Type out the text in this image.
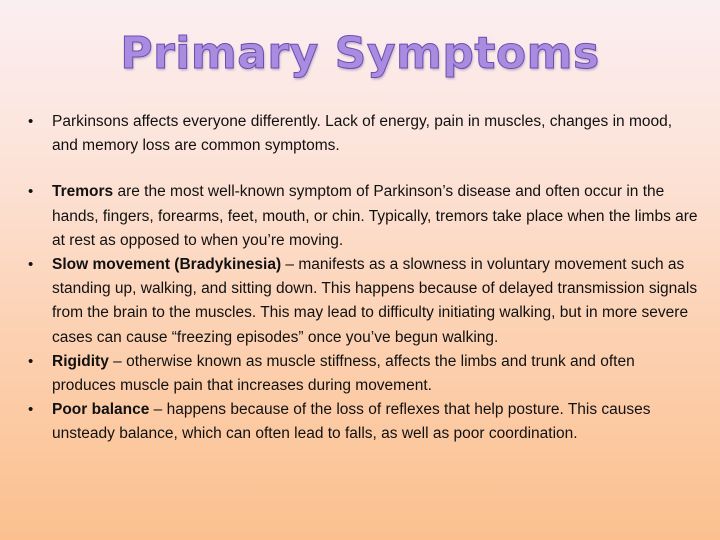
Primary Symptoms
• Parkinsons affects everyone differently. Lack of energy, pain in muscles, changes in mood, and memory loss are common symptoms.
• Tremors are the most well-known symptom of Parkinson’s disease and often occur in the hands, fingers, forearms, feet, mouth, or chin. Typically, tremors take place when the limbs are at rest as opposed to when you’re moving.
• Slow movement (Bradykinesia) – manifests as a slowness in voluntary movement such as standing up, walking, and sitting down. This happens because of delayed transmission signals from the brain to the muscles. This may lead to difficulty initiating walking, but in more severe cases can cause “freezing episodes” once you’ve begun walking.
• Rigidity – otherwise known as muscle stiffness, affects the limbs and trunk and often produces muscle pain that increases during movement.
• Poor balance – happens because of the loss of reflexes that help posture. This causes unsteady balance, which can often lead to falls, as well as poor coordination.
